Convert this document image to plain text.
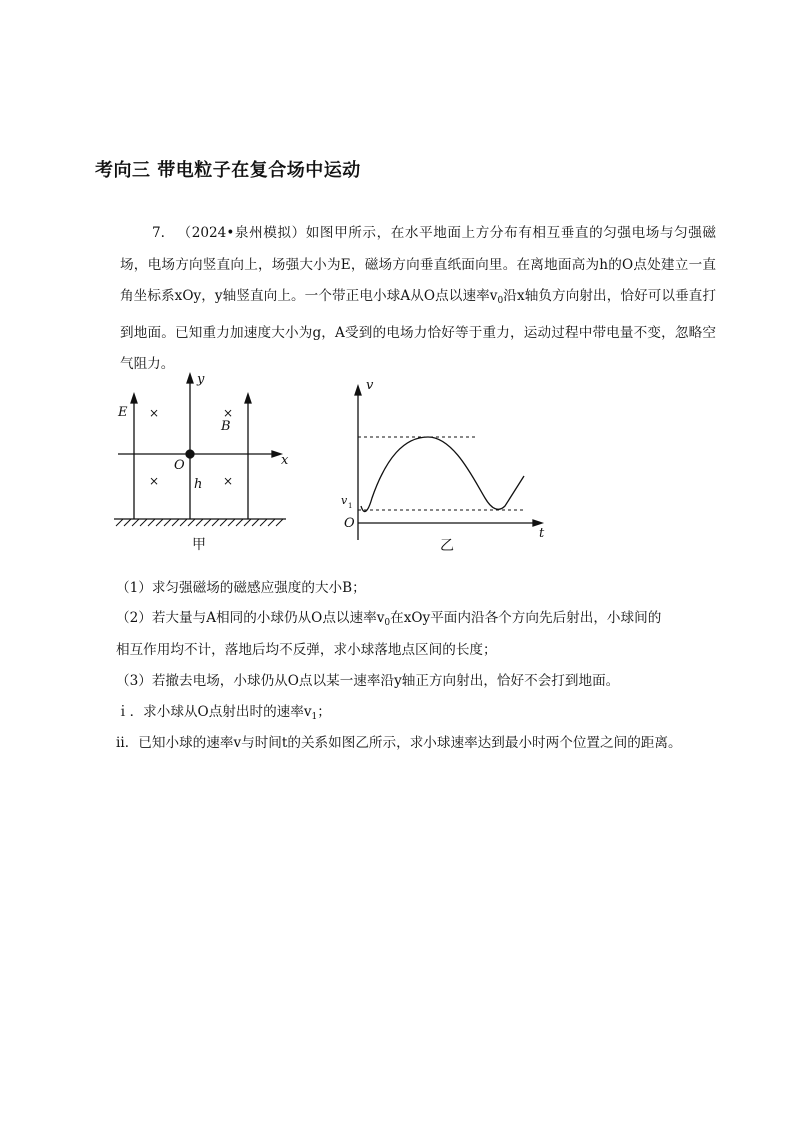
考向三 带电粒子在复合场中运动
7. （2024•泉州模拟）如图甲所示，在水平地面上方分布有相互垂直的匀强电场与匀强磁场，电场方向竖直向上，场强大小为E，磁场方向垂直纸面向里。在离地面高为h的O点处建立一直角坐标系xOy，y轴竖直向上。一个带正电小球A从O点以速率$v_0$沿x轴负方向射出，恰好可以垂直打到地面。已知重力加速度大小为g，A受到的电场力恰好等于重力，运动过程中带电量不变，忽略空气阻力。
E
B
O	x
y
h
×	×
×	×
甲
v
v 1
O
t
乙
（1）求匀强磁场的磁感应强度的大小B；
（2）若大量与A相同的小球仍从O点以速率$v_0$在xOy平面内沿各个方向先后射出，小球间的
相互作用均不计，落地后均不反弹，求小球落地点区间的长度；
（3）若撤去电场，小球仍从O点以某一速率沿y轴正方向射出，恰好不会打到地面。
ｉ．求小球从O点射出时的速率$v_1$；
ⅱ．已知小球的速率v与时间t的关系如图乙所示，求小球速率达到最小时两个位置之间的距离。
